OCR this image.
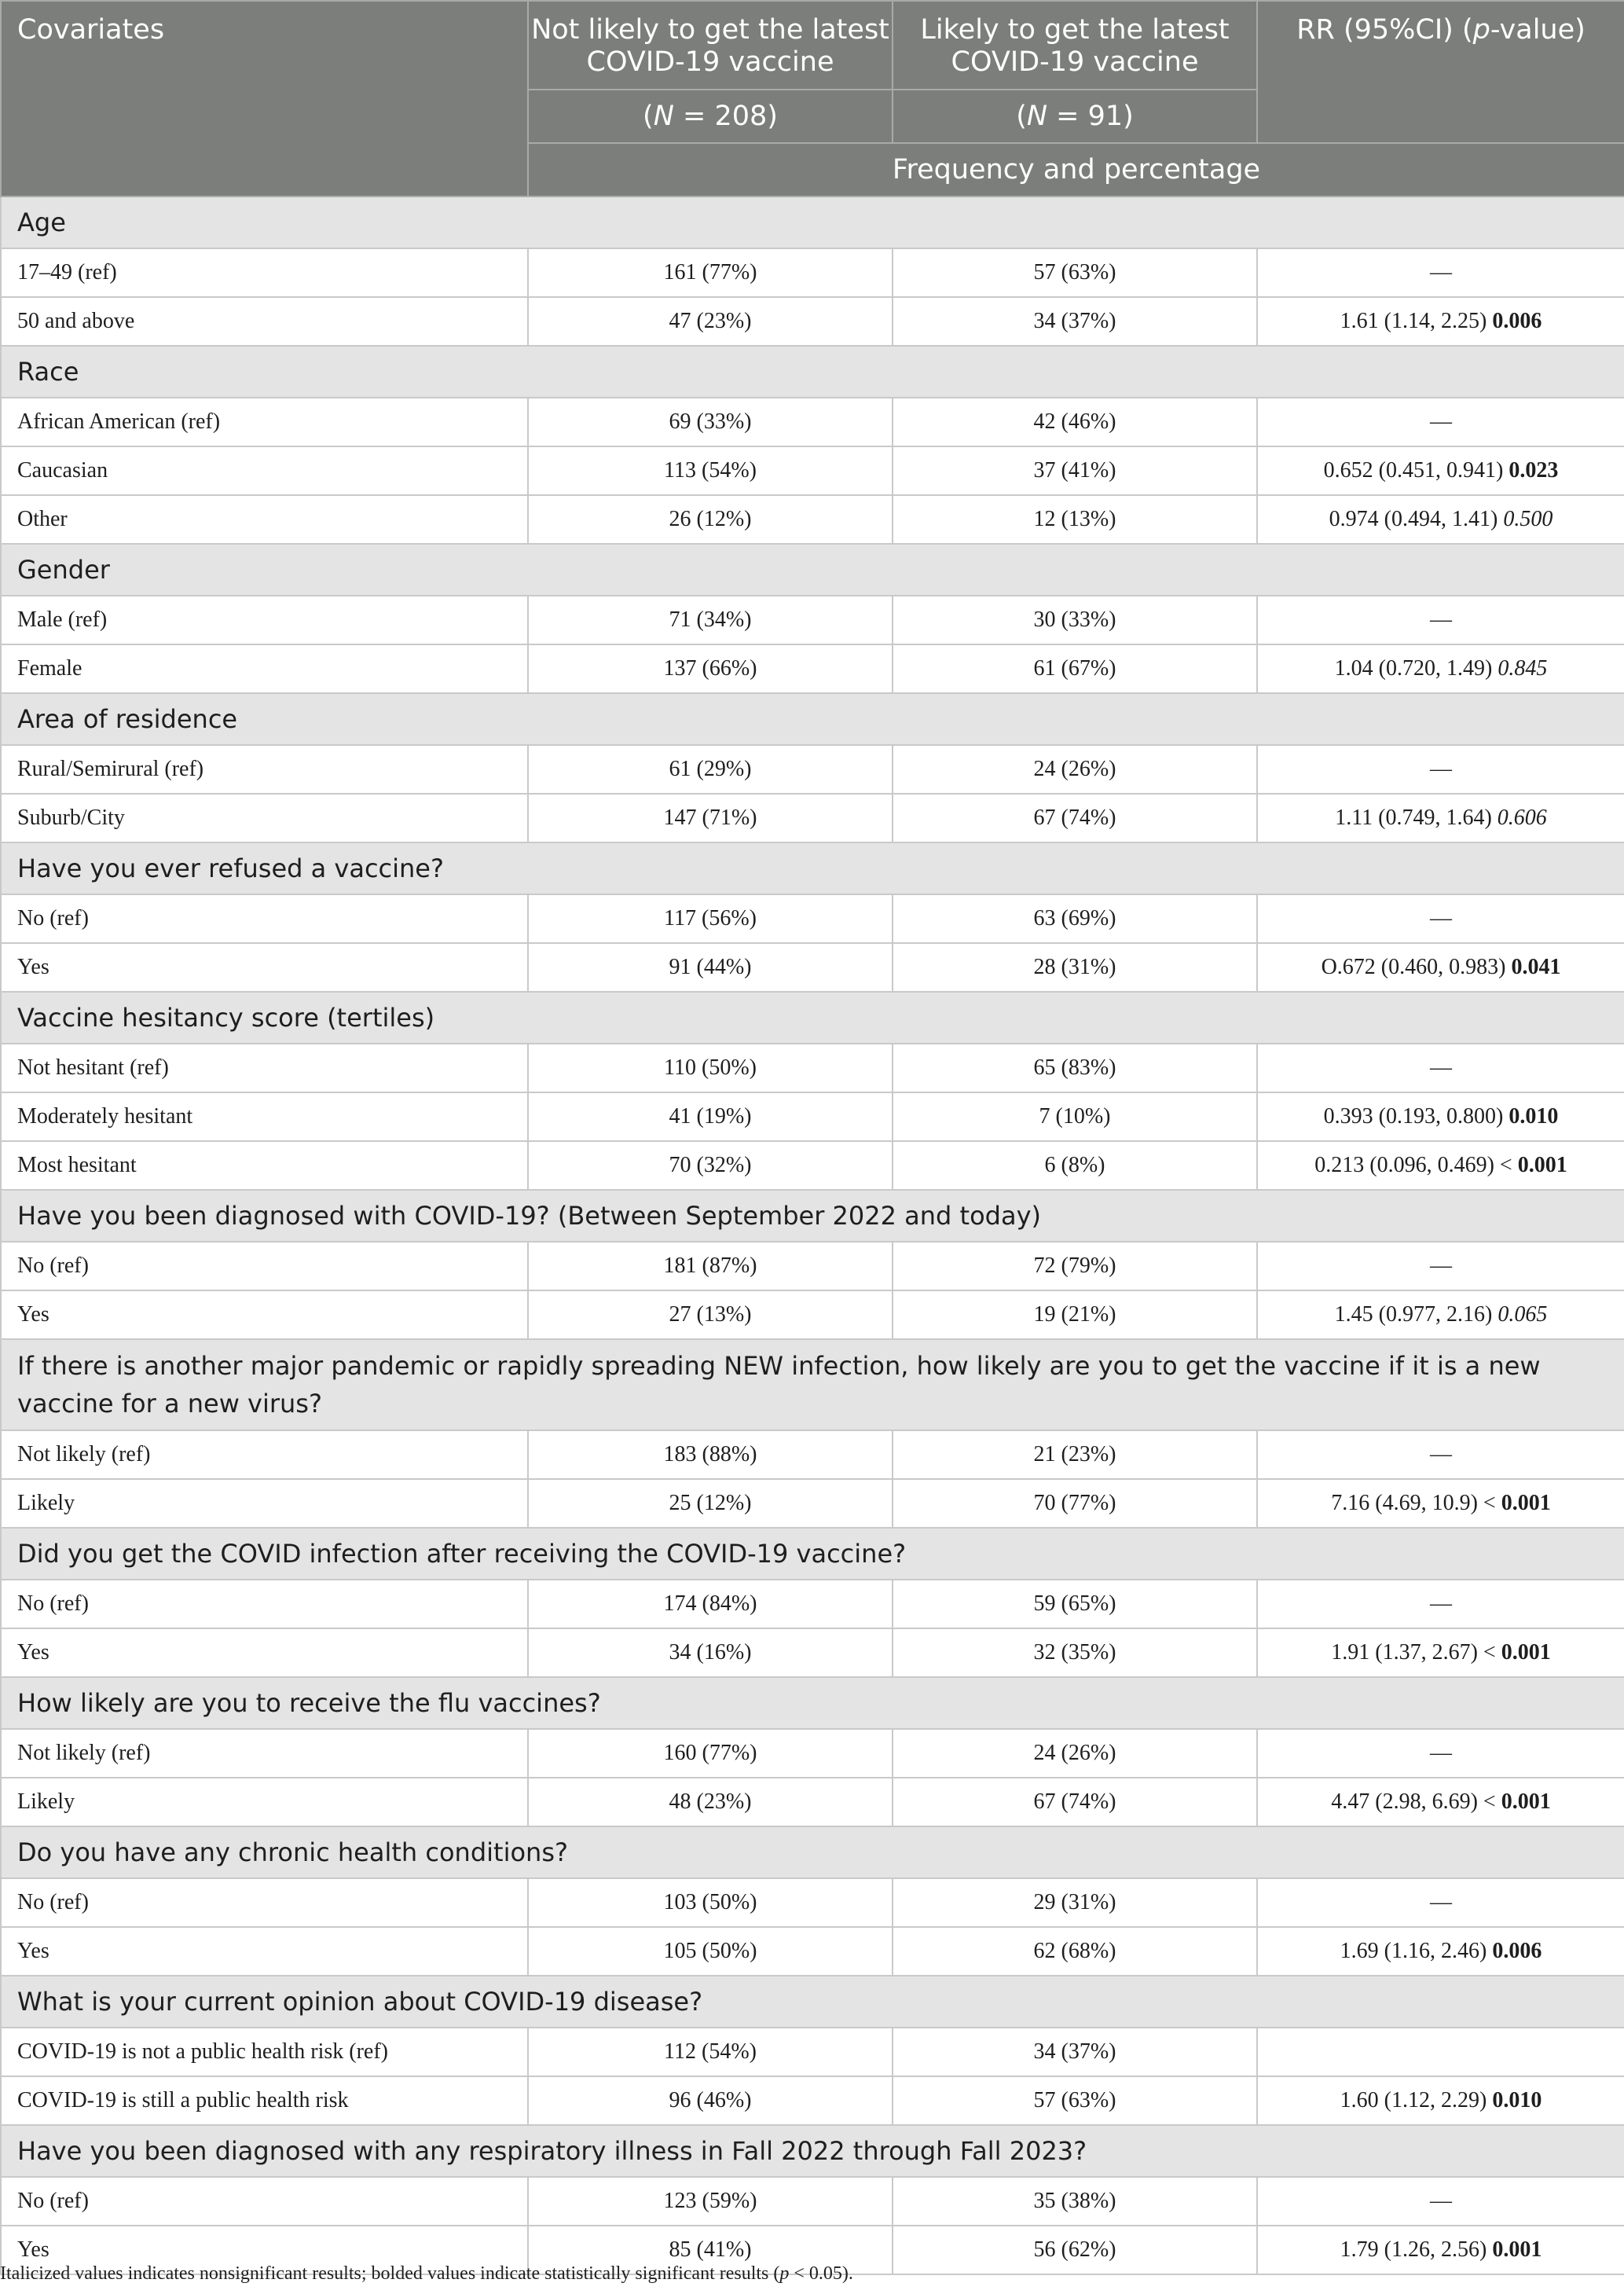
Covariates	Not likely to get the latest COVID-19 vaccine	Likely to get the latest COVID-19 vaccine	RR (95%CI) (p-value)
	(N = 208)	(N = 91)	
	Frequency and percentage		
Age			
17–49 (ref)	161 (77%)	57 (63%)	—
50 and above	47 (23%)	34 (37%)	1.61 (1.14, 2.25) 0.006
Race			
African American (ref)	69 (33%)	42 (46%)	—
Caucasian	113 (54%)	37 (41%)	0.652 (0.451, 0.941) 0.023
Other	26 (12%)	12 (13%)	0.974 (0.494, 1.41) 0.500
Gender			
Male (ref)	71 (34%)	30 (33%)	—
Female	137 (66%)	61 (67%)	1.04 (0.720, 1.49) 0.845
Area of residence			
Rural/Semirural (ref)	61 (29%)	24 (26%)	—
Suburb/City	147 (71%)	67 (74%)	1.11 (0.749, 1.64) 0.606
Have you ever refused a vaccine?			
No (ref)	117 (56%)	63 (69%)	—
Yes	91 (44%)	28 (31%)	O.672 (0.460, 0.983) 0.041
Vaccine hesitancy score (tertiles)			
Not hesitant (ref)	110 (50%)	65 (83%)	—
Moderately hesitant	41 (19%)	7 (10%)	0.393 (0.193, 0.800) 0.010
Most hesitant	70 (32%)	6 (8%)	0.213 (0.096, 0.469) < 0.001
Have you been diagnosed with COVID-19? (Between September 2022 and today)			
No (ref)	181 (87%)	72 (79%)	—
Yes	27 (13%)	19 (21%)	1.45 (0.977, 2.16) 0.065
If there is another major pandemic or rapidly spreading NEW infection, how likely are you to get the vaccine if it is a new vaccine for a new virus?			
Not likely (ref)	183 (88%)	21 (23%)	—
Likely	25 (12%)	70 (77%)	7.16 (4.69, 10.9) < 0.001
Did you get the COVID infection after receiving the COVID-19 vaccine?			
No (ref)	174 (84%)	59 (65%)	—
Yes	34 (16%)	32 (35%)	1.91 (1.37, 2.67) < 0.001
How likely are you to receive the flu vaccines?			
Not likely (ref)	160 (77%)	24 (26%)	—
Likely	48 (23%)	67 (74%)	4.47 (2.98, 6.69) < 0.001
Do you have any chronic health conditions?			
No (ref)	103 (50%)	29 (31%)	—
Yes	105 (50%)	62 (68%)	1.69 (1.16, 2.46) 0.006
What is your current opinion about COVID-19 disease?			
COVID-19 is not a public health risk (ref)	112 (54%)	34 (37%)	
COVID-19 is still a public health risk	96 (46%)	57 (63%)	1.60 (1.12, 2.29) 0.010
Have you been diagnosed with any respiratory illness in Fall 2022 through Fall 2023?			
No (ref)	123 (59%)	35 (38%)	—
Yes	85 (41%)	56 (62%)	1.79 (1.26, 2.56) 0.001
Italicized values indicates nonsignificant results; bolded values indicate statistically significant results (p < 0.05).
